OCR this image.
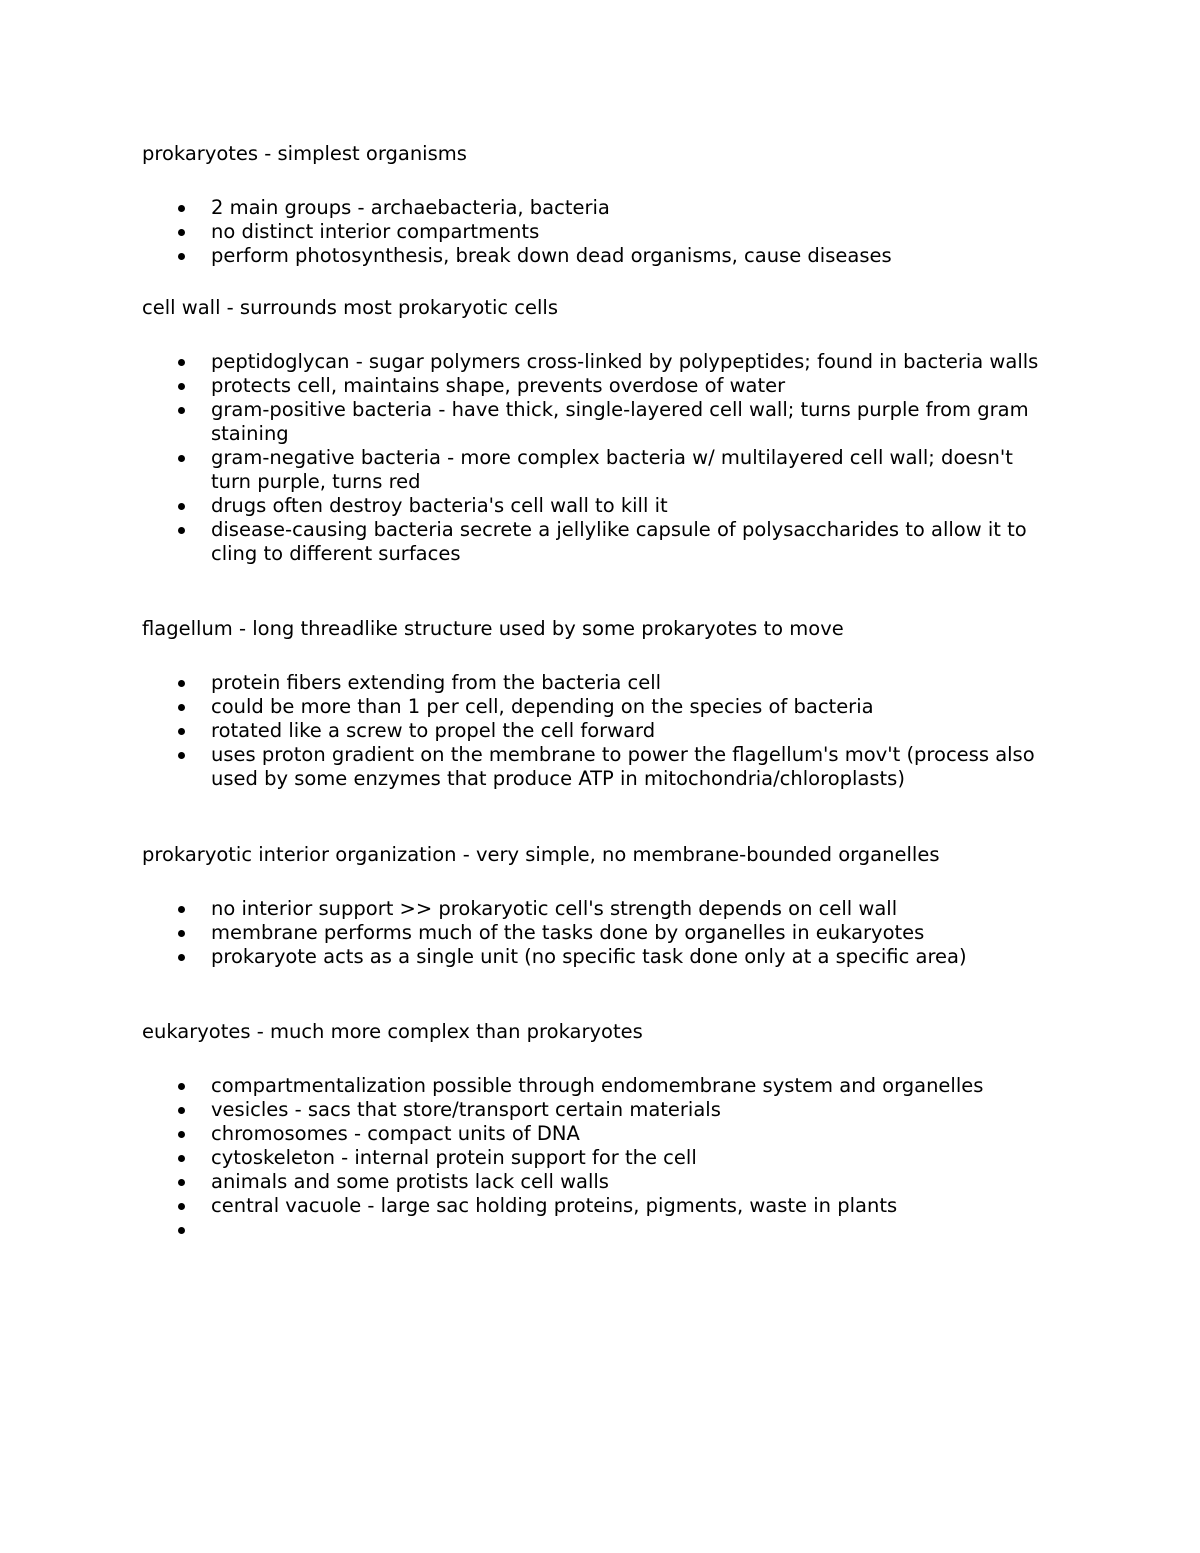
prokaryotes - simplest organisms

2 main groups - archaebacteria, bacteria
no distinct interior compartments
perform photosynthesis, break down dead organisms, cause diseases

cell wall - surrounds most prokaryotic cells

peptidoglycan - sugar polymers cross-linked by polypeptides; found in bacteria walls
protects cell, maintains shape, prevents overdose of water
gram-positive bacteria - have thick, single-layered cell wall; turns purple from gram staining
gram-negative bacteria - more complex bacteria w/ multilayered cell wall; doesn't turn purple, turns red
drugs often destroy bacteria's cell wall to kill it
disease-causing bacteria secrete a jellylike capsule of polysaccharides to allow it to cling to different surfaces

flagellum - long threadlike structure used by some prokaryotes to move

protein fibers extending from the bacteria cell
could be more than 1 per cell, depending on the species of bacteria
rotated like a screw to propel the cell forward
uses proton gradient on the membrane to power the flagellum's mov't (process also used by some enzymes that produce ATP in mitochondria/chloroplasts)

prokaryotic interior organization - very simple, no membrane-bounded organelles

no interior support >> prokaryotic cell's strength depends on cell wall
membrane performs much of the tasks done by organelles in eukaryotes
prokaryote acts as a single unit (no specific task done only at a specific area)

eukaryotes - much more complex than prokaryotes

compartmentalization possible through endomembrane system and organelles
vesicles - sacs that store/transport certain materials
chromosomes - compact units of DNA
cytoskeleton - internal protein support for the cell
animals and some protists lack cell walls
central vacuole - large sac holding proteins, pigments, waste in plants
